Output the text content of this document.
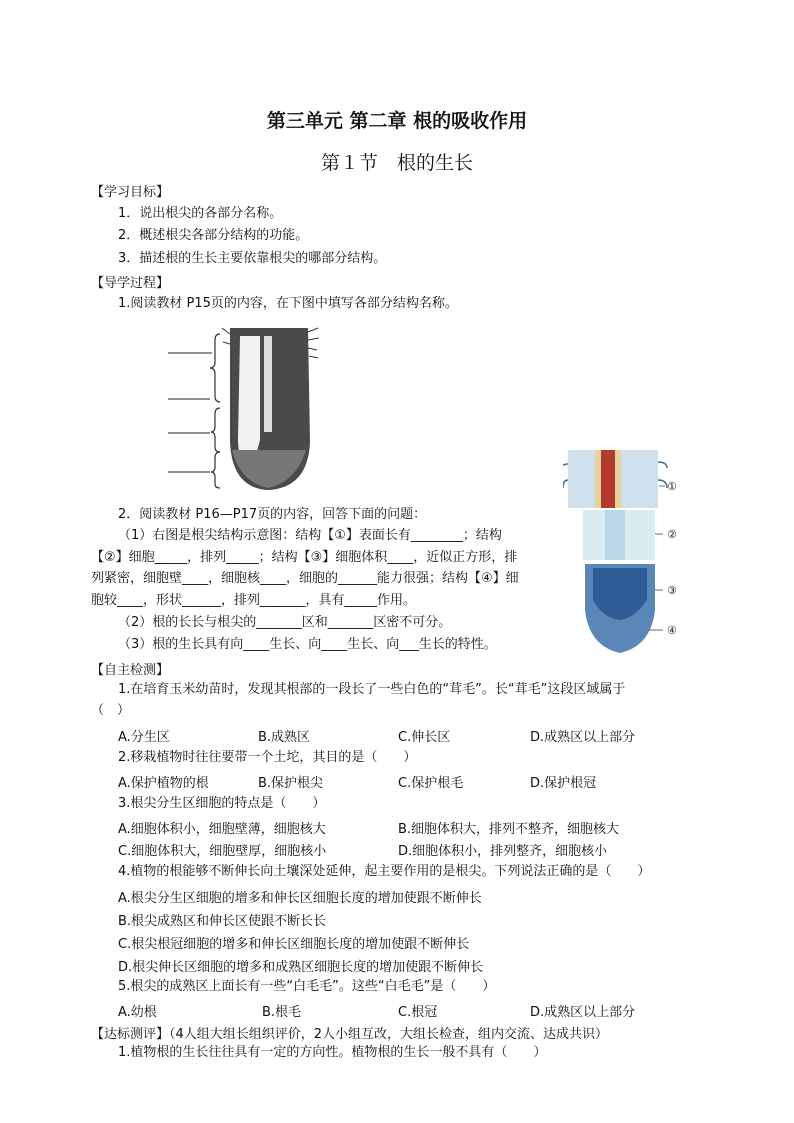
第三单元 第二章 根的吸收作用
第１节　根的生长
【学习目标】
1．说出根尖的各部分名称。
2．概述根尖各部分结构的功能。
3．描述根的生长主要依靠根尖的哪部分结构。
【导学过程】
1.阅读教材 P15页的内容，在下图中填写各部分结构名称。
①
②
③
④
2．阅读教材 P16—P17页的内容，回答下面的问题：
（1）右图是根尖结构示意图：结构【①】表面长有________；结构
【②】细胞_____，排列_____；结构【③】细胞体积____，近似正方形，排
列紧密，细胞壁____，细胞核____，细胞的______能力很强；结构【④】细
胞较____，形状______，排列_______，具有_____作用。
（2）根的长长与根尖的_______区和_______区密不可分。
（3）根的生长具有向____生长、向____生长、向___生长的特性。
【自主检测】
1.在培育玉米幼苗时，发现其根部的一段长了一些白色的“茸毛”。长“茸毛”这段区域属于
（　）
A.分生区	B.成熟区	C.伸长区	D.成熟区以上部分
2.移栽植物时往往要带一个土坨，其目的是（　　）
A.保护植物的根	B.保护根尖	C.保护根毛	D.保护根冠
3.根尖分生区细胞的特点是（　　）
A.细胞体积小，细胞壁薄，细胞核大	B.细胞体积大，排列不整齐，细胞核大
C.细胞体积大，细胞壁厚，细胞核小	D.细胞体积小，排列整齐，细胞核小
4.植物的根能够不断伸长向土壤深处延伸，起主要作用的是根尖。下列说法正确的是（　　）
A.根尖分生区细胞的增多和伸长区细胞长度的增加使跟不断伸长
B.根尖成熟区和伸长区使跟不断长长
C.根尖根冠细胞的增多和伸长区细胞长度的增加使跟不断伸长
D.根尖伸长区细胞的增多和成熟区细胞长度的增加使跟不断伸长
5.根尖的成熟区上面长有一些“白毛毛”。这些“白毛毛”是（　　）
A.幼根	B.根毛	C.根冠	D.成熟区以上部分
【达标测评】（4人组大组长组织评价，2人小组互改，大组长检查，组内交流、达成共识）
1.植物根的生长往往具有一定的方向性。植物根的生长一般不具有（　　）
